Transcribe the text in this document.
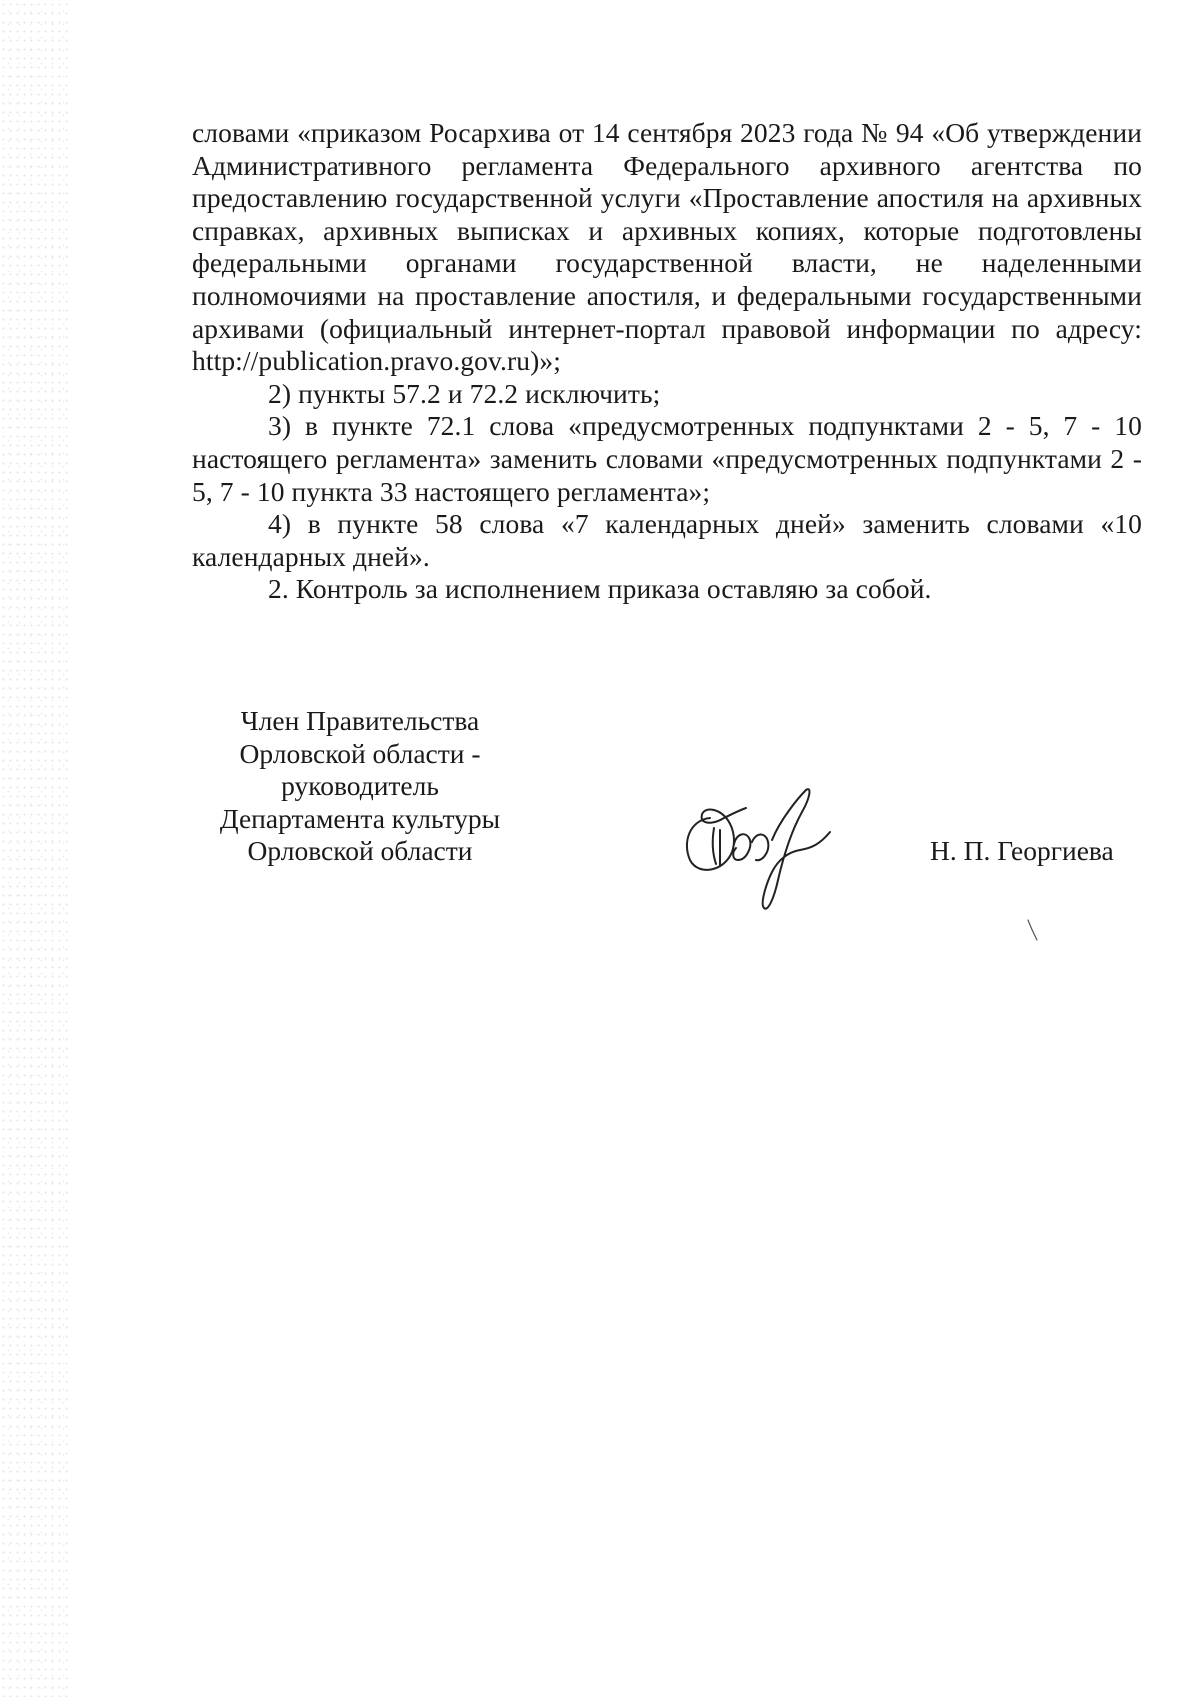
словами «приказом Росархива от 14 сентября 2023 года № 94 «Об утверждении Административного регламента Федерального архивного агентства по предоставлению государственной услуги «Проставление апостиля на архивных справках, архивных выписках и архивных копиях, которые подготовлены федеральными органами государственной власти, не наделенными полномочиями на проставление апостиля, и федеральными государственными архивами (официальный интернет-портал правовой информации по адресу: http://publication.pravo.gov.ru)»;

2) пункты 57.2 и 72.2 исключить;

3) в пункте 72.1 слова «предусмотренных подпунктами 2 - 5, 7 - 10 настоящего регламента» заменить словами «предусмотренных подпунктами 2 - 5, 7 - 10 пункта 33 настоящего регламента»;

4) в пункте 58 слова «7 календарных дней» заменить словами «10 календарных дней».

2. Контроль за исполнением приказа оставляю за собой.

Член Правительства
Орловской области -
руководитель
Департамента культуры
Орловской области	Н. П. Георгиева
